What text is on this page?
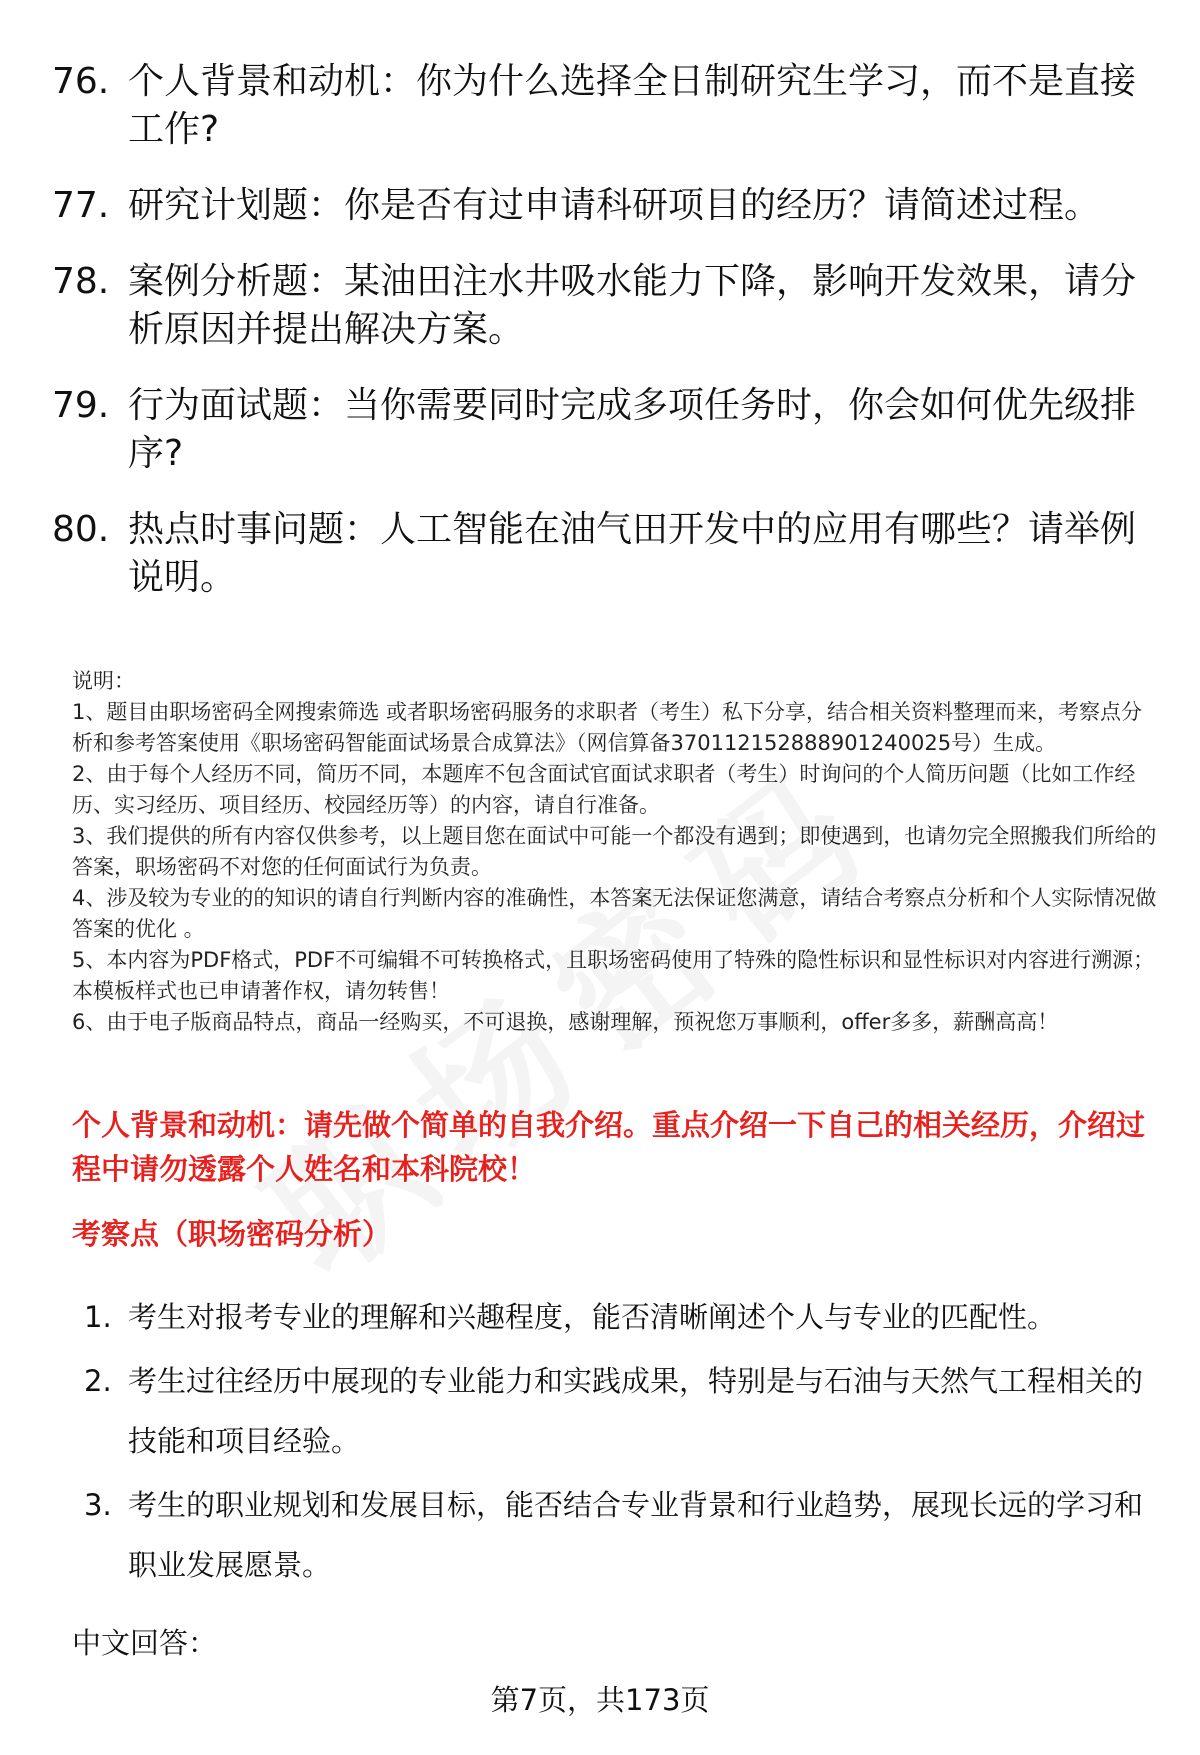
76. 个人背景和动机：你为什么选择全日制研究生学习，而不是直接工作?
77. 研究计划题：你是否有过申请科研项目的经历？请简述过程。
78. 案例分析题：某油田注水井吸水能力下降，影响开发效果，请分析原因并提出解决方案。
79. 行为面试题：当你需要同时完成多项任务时，你会如何优先级排序?
80. 热点时事问题：人工智能在油气田开发中的应用有哪些？请举例说明。

说明：

1、题目由职场密码全网搜索筛选 或者职场密码服务的求职者（考生）私下分享，结合相关资料整理而来，考察点分析和参考答案使用《职场密码智能面试场景合成算法》（网信算备370112152888901240025号）生成。

2、由于每个人经历不同，简历不同，本题库不包含面试官面试求职者（考生）时询问的个人简历问题（比如工作经历、实习经历、项目经历、校园经历等）的内容，请自行准备。

3、我们提供的所有内容仅供参考，以上题目您在面试中可能一个都没有遇到；即使遇到，也请勿完全照搬我们所给的答案，职场密码不对您的任何面试行为负责。

4、涉及较为专业的的知识的请自行判断内容的准确性，本答案无法保证您满意，请结合考察点分析和个人实际情况做答案的优化 。

5、本内容为PDF格式，PDF不可编辑不可转换格式，且职场密码使用了特殊的隐性标识和显性标识对内容进行溯源；本模板样式也已申请著作权，请勿转售！

6、由于电子版商品特点，商品一经购买，不可退换，感谢理解，预祝您万事顺利，offer多多，薪酬高高！

个人背景和动机：请先做个简单的自我介绍。重点介绍一下自己的相关经历，介绍过程中请勿透露个人姓名和本科院校！
考察点（职场密码分析）
1. 考生对报考专业的理解和兴趣程度，能否清晰阐述个人与专业的匹配性。
2. 考生过往经历中展现的专业能力和实践成果，特别是与石油与天然气工程相关的技能和项目经验。
3. 考生的职业规划和发展目标，能否结合专业背景和行业趋势，展现长远的学习和职业发展愿景。
中文回答：
第7页，共173页
